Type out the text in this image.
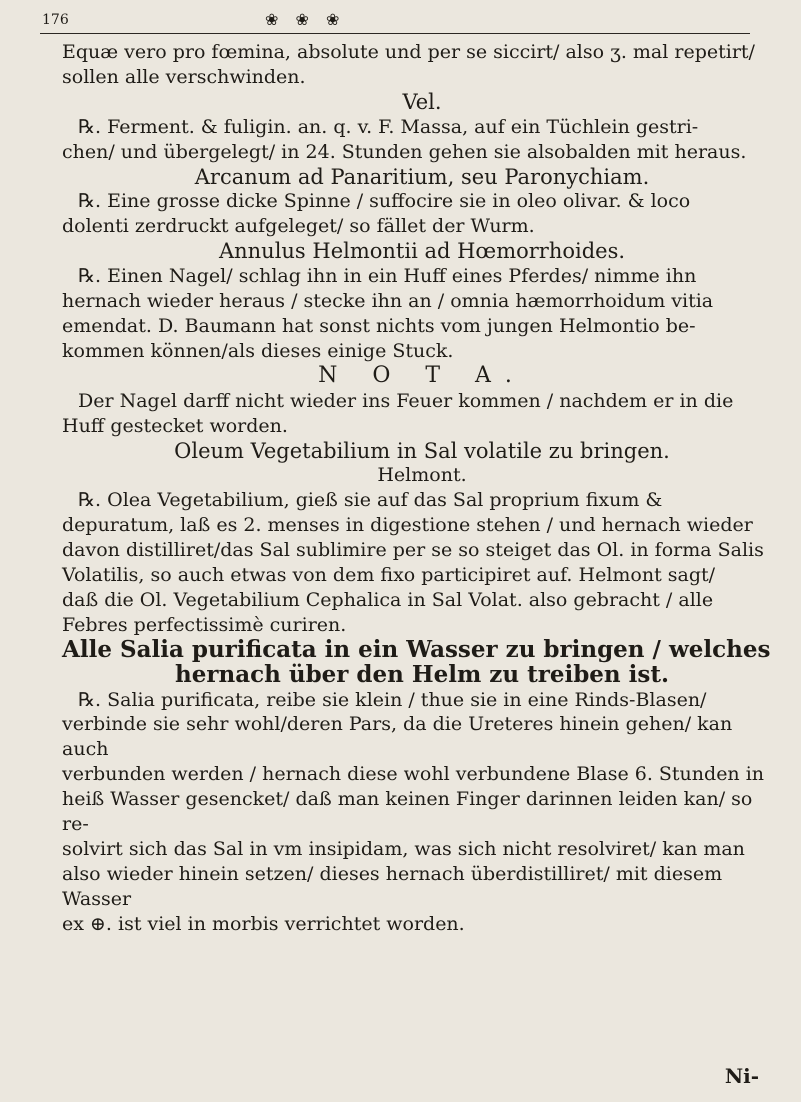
176	❀ ❀ ❀

Equæ vero pro fœmina, absolute und per se siccirt/ also ʒ. mal repetirt/

sollen alle verschwinden.

Vel.

℞. Ferment. & fuligin. an. q. v. F. Massa, auf ein Tüchlein gestri-

chen/ und übergelegt/ in 24. Stunden gehen sie alsobalden mit heraus.

Arcanum ad Panaritium, seu Paronychiam.

℞. Eine grosse dicke Spinne / suffocire sie in oleo olivar. & loco

dolenti zerdruckt aufgeleget/ so fället der Wurm.

Annulus Helmontii ad Hœmorrhoides.

℞. Einen Nagel/ schlag ihn in ein Huff eines Pferdes/ nimme ihn

hernach wieder heraus / stecke ihn an / omnia hæmorrhoidum vitia

emendat. D. Baumann hat sonst nichts vom jungen Helmontio be-

kommen können/als dieses einige Stuck.

N O T A.

Der Nagel darff nicht wieder ins Feuer kommen / nachdem er in die

Huff gestecket worden.

Oleum Vegetabilium in Sal volatile zu bringen.

Helmont.

℞. Olea Vegetabilium, gieß sie auf das Sal proprium fixum &

depuratum, laß es 2. menses in digestione stehen / und hernach wieder

davon distilliret/das Sal sublimire per se so steiget das Ol. in forma Salis

Volatilis, so auch etwas von dem fixo participiret auf. Helmont sagt/

daß die Ol. Vegetabilium Cephalica in Sal Volat. also gebracht / alle

Febres perfectissimè curiren.

Alle Salia purificata in ein Wasser zu bringen / welches

hernach über den Helm zu treiben ist.

℞. Salia purificata, reibe sie klein / thue sie in eine Rinds-Blasen/

verbinde sie sehr wohl/deren Pars, da die Ureteres hinein gehen/ kan auch

verbunden werden / hernach diese wohl verbundene Blase 6. Stunden in

heiß Wasser gesencket/ daß man keinen Finger darinnen leiden kan/ so re-

solvirt sich das Sal in vm insipidam, was sich nicht resolviret/ kan man

also wieder hinein setzen/ dieses hernach überdistilliret/ mit diesem Wasser

ex ⊕. ist viel in morbis verrichtet worden.

Ni-
